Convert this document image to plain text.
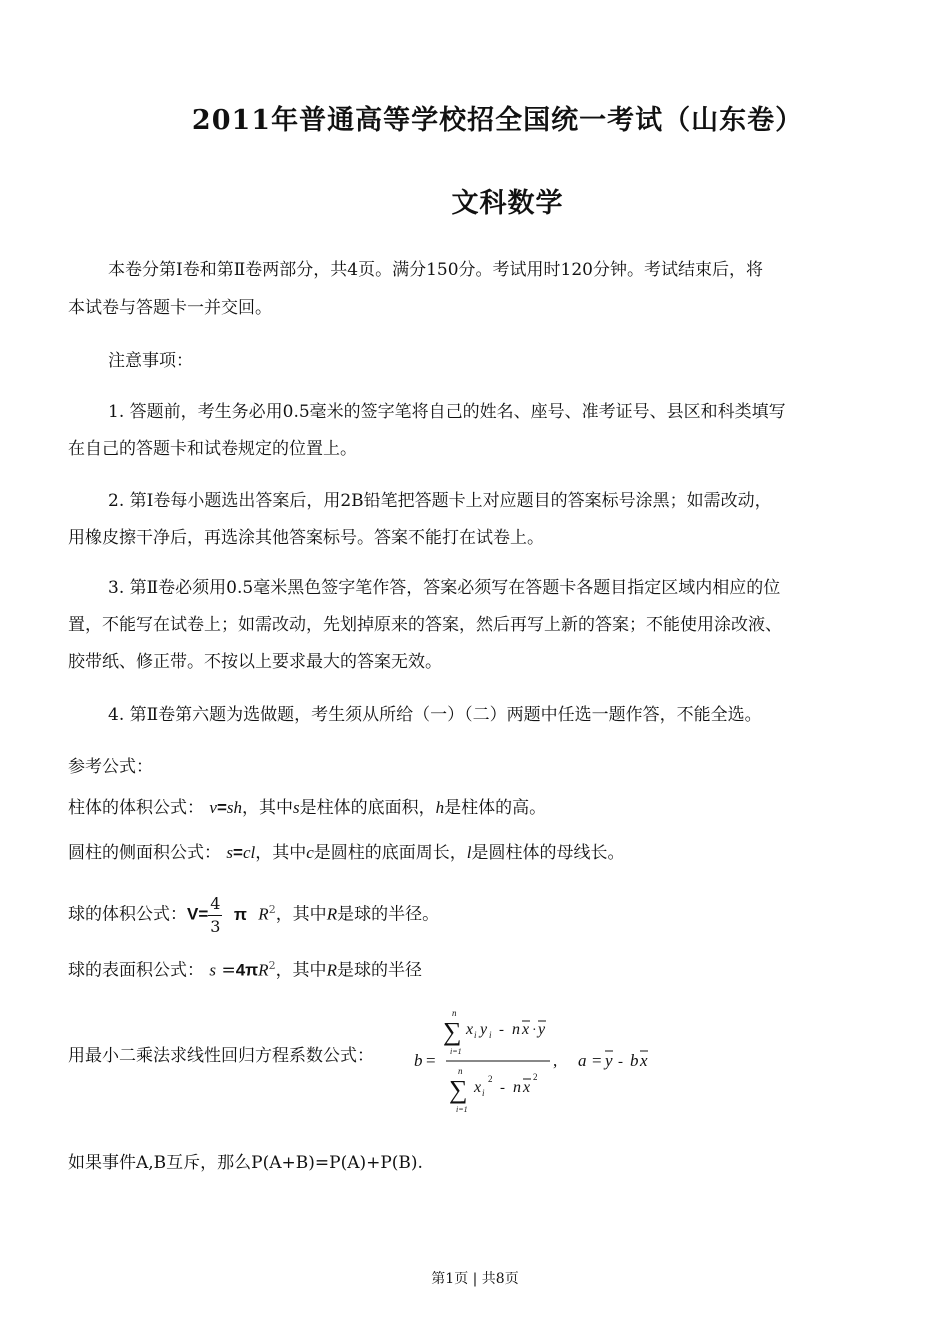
2011年普通高等学校招全国统一考试（山东卷）
文科数学
本卷分第Ⅰ卷和第Ⅱ卷两部分，共4页。满分150分。考试用时120分钟。考试结束后，将
本试卷与答题卡一并交回。
注意事项：
1. 答题前，考生务必用0.5毫米的签字笔将自己的姓名、座号、准考证号、县区和科类填写
在自己的答题卡和试卷规定的位置上。
2. 第Ⅰ卷每小题选出答案后，用2B铅笔把答题卡上对应题目的答案标号涂黑；如需改动，
用橡皮擦干净后，再选涂其他答案标号。答案不能打在试卷上。
3. 第Ⅱ卷必须用0.5毫米黑色签字笔作答，答案必须写在答题卡各题目指定区域内相应的位
置，不能写在试卷上；如需改动，先划掉原来的答案，然后再写上新的答案；不能使用涂改液、
胶带纸、修正带。不按以上要求最大的答案无效。
4. 第Ⅱ卷第六题为选做题，考生须从所给（一）（二）两题中任选一题作答，不能全选。
参考公式：
柱体的体积公式： v=sh，其中s是柱体的底面积，h是柱体的高。
圆柱的侧面积公式： s=cl，其中c是圆柱的底面周长，l是圆柱体的母线长。
球的体积公式：$V= \frac{4}{3}$ π $R^2$，其中R是球的半径。
球的表面积公式： $s =4\pi R^2$，其中R是球的半径
用最小二乘法求线性回归方程系数公式： b =
n
∑
i=1
x i y i - n x · y
n
∑
i=1
x i
2
- n x
2
, a = y - b x
如果事件A,B互斥，那么P(A+B)=P(A)+P(B).
第1页 | 共8页
